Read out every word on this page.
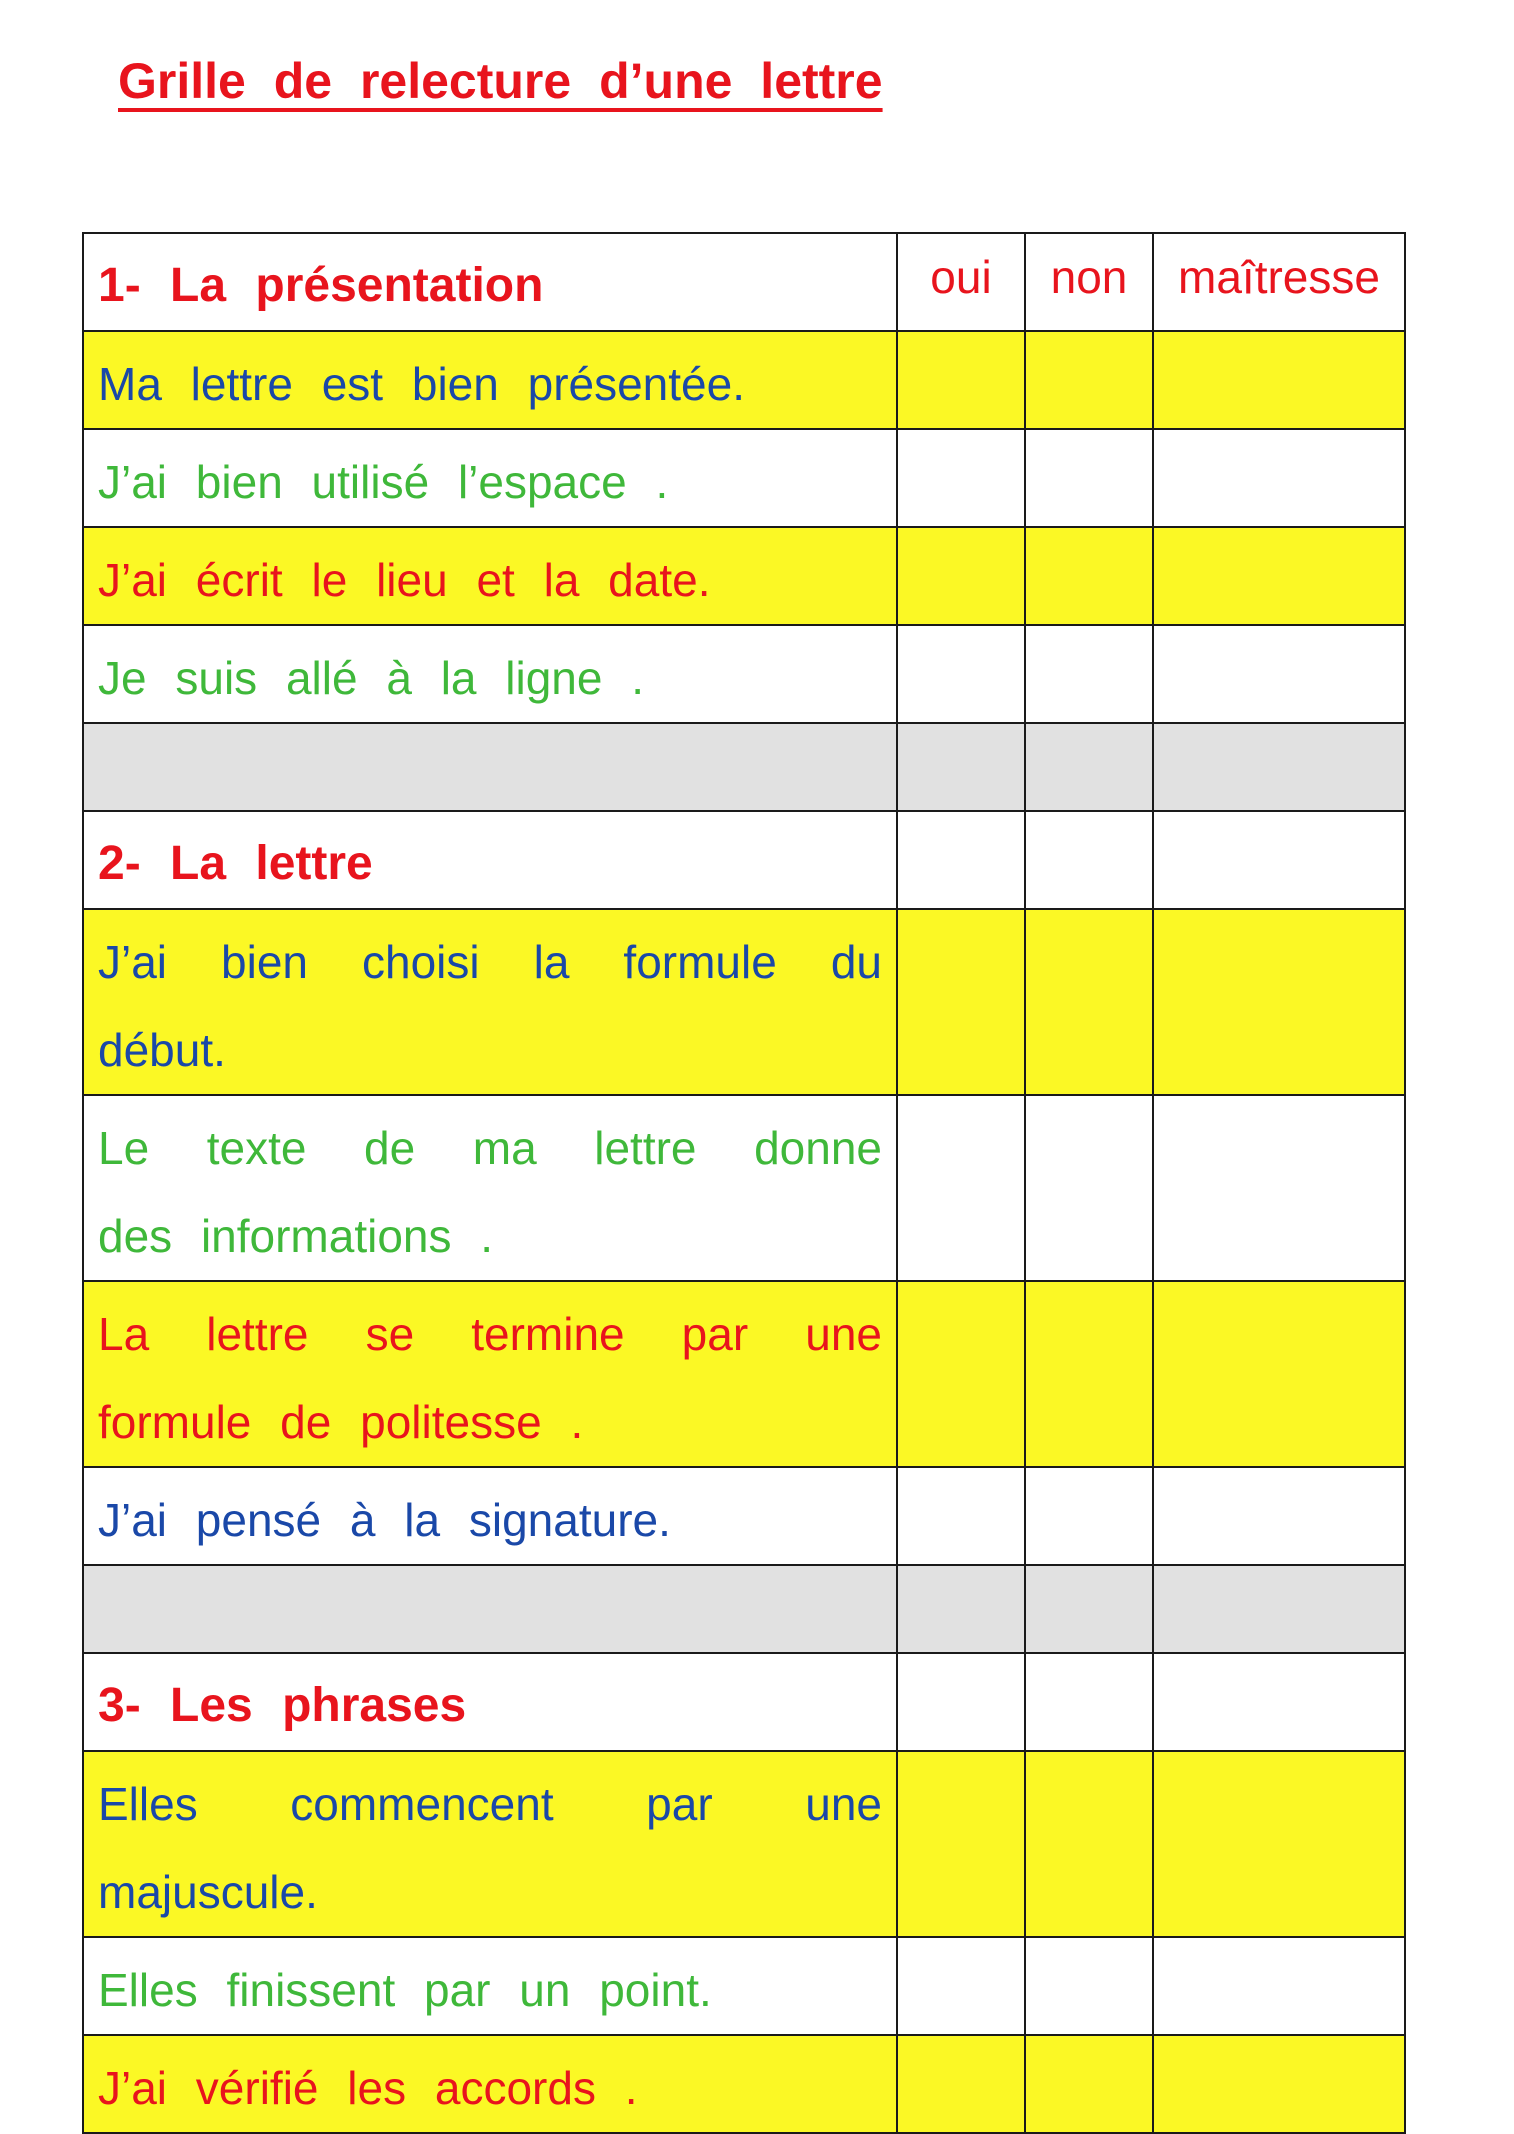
Grille de relecture d’une lettre
1- La présentation	oui	non	maîtresse

Ma lettre est bien présentée.			

J’ai bien utilisé l’espace .			

J’ai écrit le lieu et la date.			

Je suis allé à la ligne .			

2- La lettre			

J’ai bien choisi la formule du
début.			

Le texte de ma lettre donne
des informations .			

La lettre se termine par une
formule de politesse .			

J’ai pensé à la signature.			

3- Les phrases			

Elles commencent par une
majuscule.			

Elles finissent par un point.			

J’ai vérifié les accords .			
